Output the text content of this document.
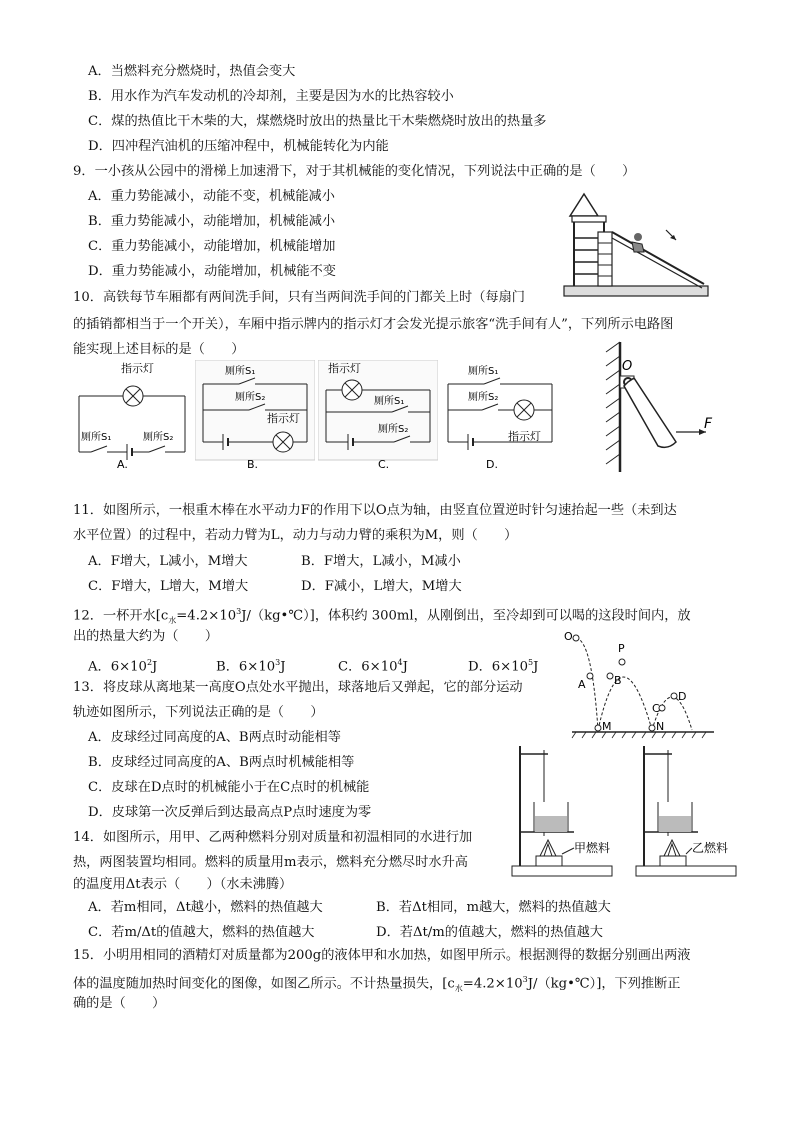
A．当燃料充分燃烧时，热值会变大
B．用水作为汽车发动机的冷却剂，主要是因为水的比热容较小
C．煤的热值比干木柴的大，煤燃烧时放出的热量比干木柴燃烧时放出的热量多
D．四冲程汽油机的压缩冲程中，机械能转化为内能
9．一小孩从公园中的滑梯上加速滑下，对于其机械能的变化情况，下列说法中正确的是（　　）
A．重力势能减小，动能不变，机械能减小
B．重力势能减小，动能增加，机械能减小
C．重力势能减小，动能增加，机械能增加
D．重力势能减小，动能增加，机械能不变
10．高铁每节车厢都有两间洗手间，只有当两间洗手间的门都关上时（每扇门
的插销都相当于一个开关），车厢中指示牌内的指示灯才会发光提示旅客“洗手间有人”，下列所示电路图
能实现上述目标的是（　　）
指示灯
厕所S₁	厕所S₂
A.
厕所S₁
厕所S₂
指示灯
B.
指示灯
厕所S₁
厕所S₂
C.
厕所S₁
厕所S₂
指示灯
D.
O
F
11．如图所示，一根重木棒在水平动力F的作用下以O点为轴，由竖直位置逆时针匀速抬起一些（未到达
水平位置）的过程中，若动力臂为L，动力与动力臂的乘积为M，则（　　）
A．F增大，L减小，M增大	B．F增大，L减小，M减小
C．F增大，L增大，M增大	D．F减小，L增大，M增大
12．一杯开水$[c_水=4.2\times 10^3J/(kg•℃)]$，体积约 300ml，从刚倒出，至冷却到可以喝的这段时间内，放
出的热量大约为（　　）
A．$6\times 10^2J$	B．$6\times 10^3J$	C．$6\times 10^4J$	D．$6\times 10^5J$
O
P
A	B
C
D
M	N
13．将皮球从离地某一高度O点处水平抛出，球落地后又弹起，它的部分运动
轨迹如图所示，下列说法正确的是（　　）
A．皮球经过同高度的A、B两点时动能相等
B．皮球经过同高度的A、B两点时机械能相等
C．皮球在D点时的机械能小于在C点时的机械能
D．皮球第一次反弹后到达最高点P点时速度为零
甲燃料	乙燃料
14．如图所示，用甲、乙两种燃料分别对质量和初温相同的水进行加
热，两图装置均相同。燃料的质量用m表示，燃料充分燃尽时水升高
的温度用Δt表示（　　）（水未沸腾）
A．若m相同，Δt越小，燃料的热值越大	B．若Δt相同，m越大，燃料的热值越大
C．若m/Δt的值越大，燃料的热值越大	D．若Δt/m的值越大，燃料的热值越大
15．小明用相同的酒精灯对质量都为200g的液体甲和水加热，如图甲所示。根据测得的数据分别画出两液
体的温度随加热时间变化的图像，如图乙所示。不计热量损失，$[c_水=4.2\times 10^3J/(kg•℃)]$，下列推断正
确的是（　　）
